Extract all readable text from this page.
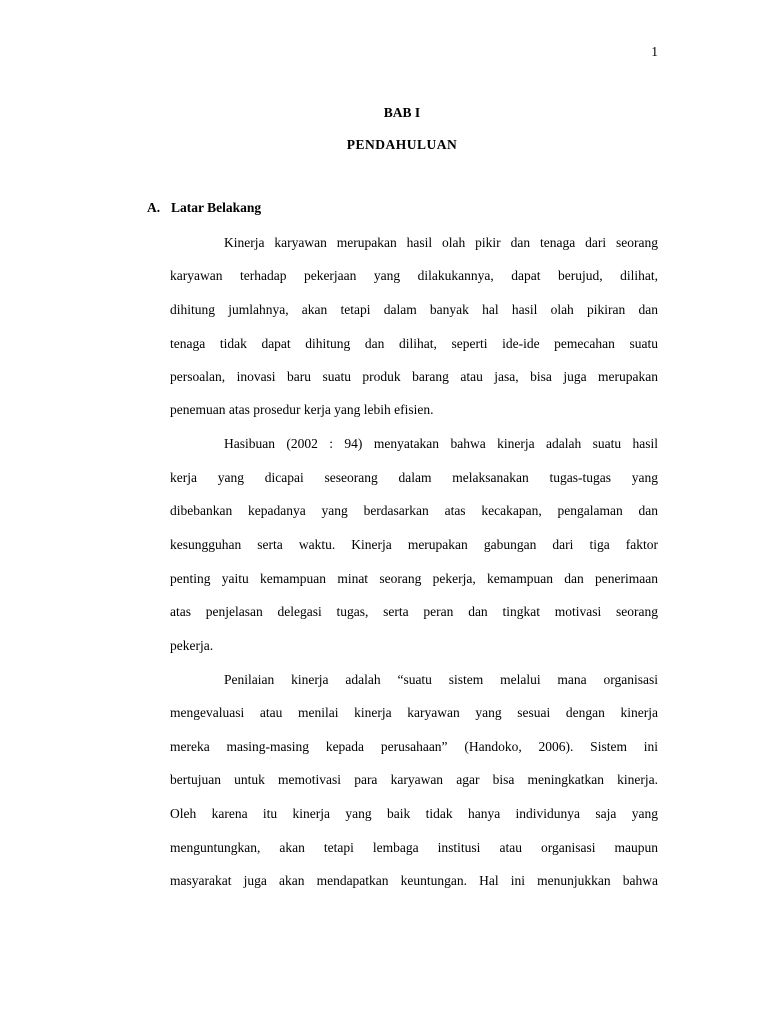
1
BAB I
PENDAHULUAN
A. Latar Belakang
Kinerja karyawan merupakan hasil olah pikir dan tenaga dari seorang
karyawan terhadap pekerjaan yang dilakukannya, dapat berujud, dilihat,
dihitung jumlahnya, akan tetapi dalam banyak hal hasil olah pikiran dan
tenaga tidak dapat dihitung dan dilihat, seperti ide-ide pemecahan suatu
persoalan, inovasi baru suatu produk barang atau jasa, bisa juga merupakan
penemuan atas prosedur kerja yang lebih efisien.
Hasibuan (2002 : 94) menyatakan bahwa kinerja adalah suatu hasil
kerja yang dicapai seseorang dalam melaksanakan tugas-tugas yang
dibebankan kepadanya yang berdasarkan atas kecakapan, pengalaman dan
kesungguhan serta waktu. Kinerja merupakan gabungan dari tiga faktor
penting yaitu kemampuan minat seorang pekerja, kemampuan dan penerimaan
atas penjelasan delegasi tugas, serta peran dan tingkat motivasi seorang
pekerja.
Penilaian kinerja adalah “suatu sistem melalui mana organisasi
mengevaluasi atau menilai kinerja karyawan yang sesuai dengan kinerja
mereka masing-masing kepada perusahaan” (Handoko, 2006). Sistem ini
bertujuan untuk memotivasi para karyawan agar bisa meningkatkan kinerja.
Oleh karena itu kinerja yang baik tidak hanya individunya saja yang
menguntungkan, akan tetapi lembaga institusi atau organisasi maupun
masyarakat juga akan mendapatkan keuntungan. Hal ini menunjukkan bahwa
